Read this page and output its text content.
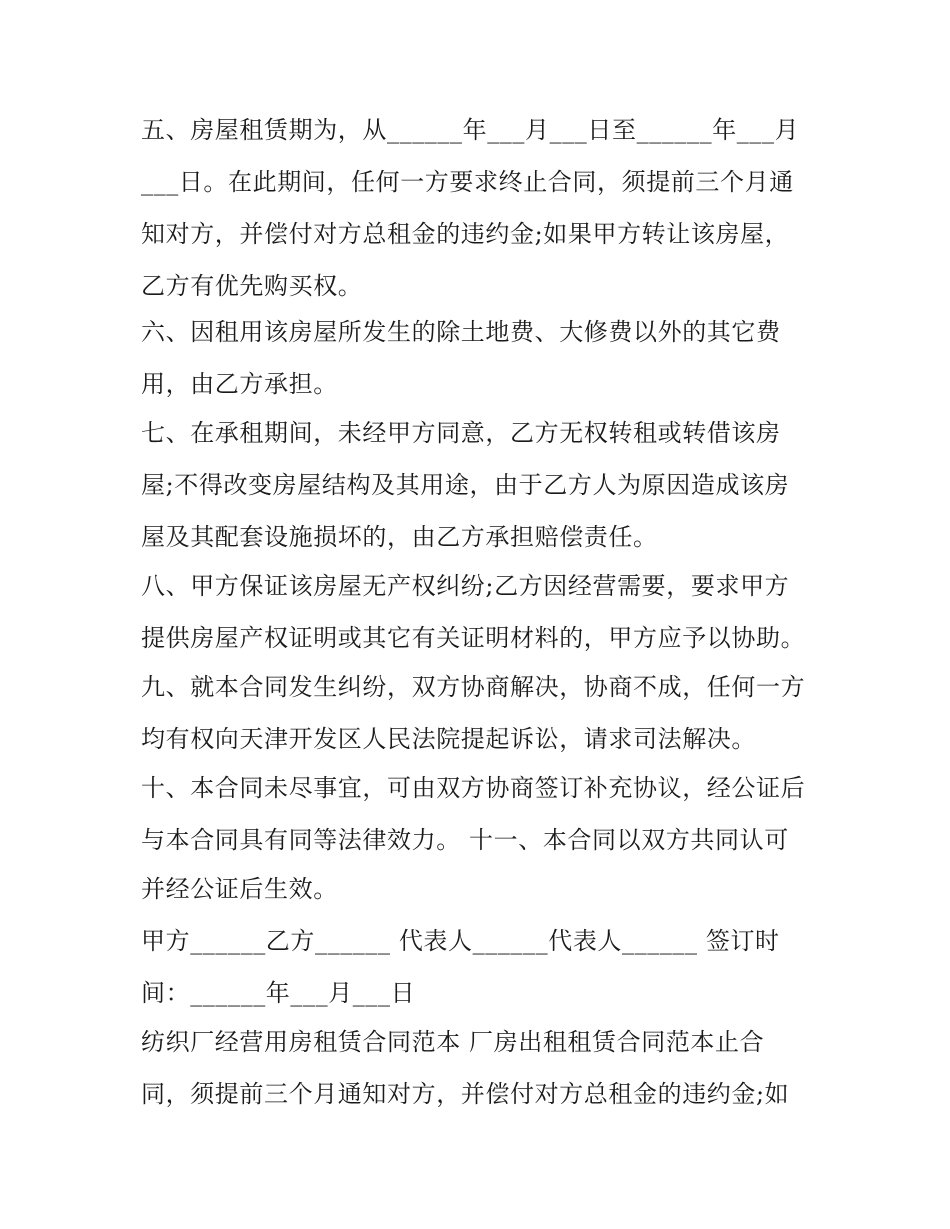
五、房屋租赁期为，从______年___月___日至______年___月
___日。在此期间，任何一方要求终止合同，须提前三个月通
知对方，并偿付对方总租金的违约金;如果甲方转让该房屋，
乙方有优先购买权。
六、因租用该房屋所发生的除土地费、大修费以外的其它费
用，由乙方承担。
七、在承租期间，未经甲方同意，乙方无权转租或转借该房
屋;不得改变房屋结构及其用途，由于乙方人为原因造成该房
屋及其配套设施损坏的，由乙方承担赔偿责任。
八、甲方保证该房屋无产权纠纷;乙方因经营需要，要求甲方
提供房屋产权证明或其它有关证明材料的，甲方应予以协助。
九、就本合同发生纠纷，双方协商解决，协商不成，任何一方
均有权向天津开发区人民法院提起诉讼，请求司法解决。
十、本合同未尽事宜，可由双方协商签订补充协议，经公证后
与本合同具有同等法律效力。 十一、本合同以双方共同认可
并经公证后生效。
甲方______乙方______ 代表人______代表人______ 签订时
间：______年___月___日
纺织厂经营用房租赁合同范本 厂房出租租赁合同范本止合
同，须提前三个月通知对方，并偿付对方总租金的违约金;如
